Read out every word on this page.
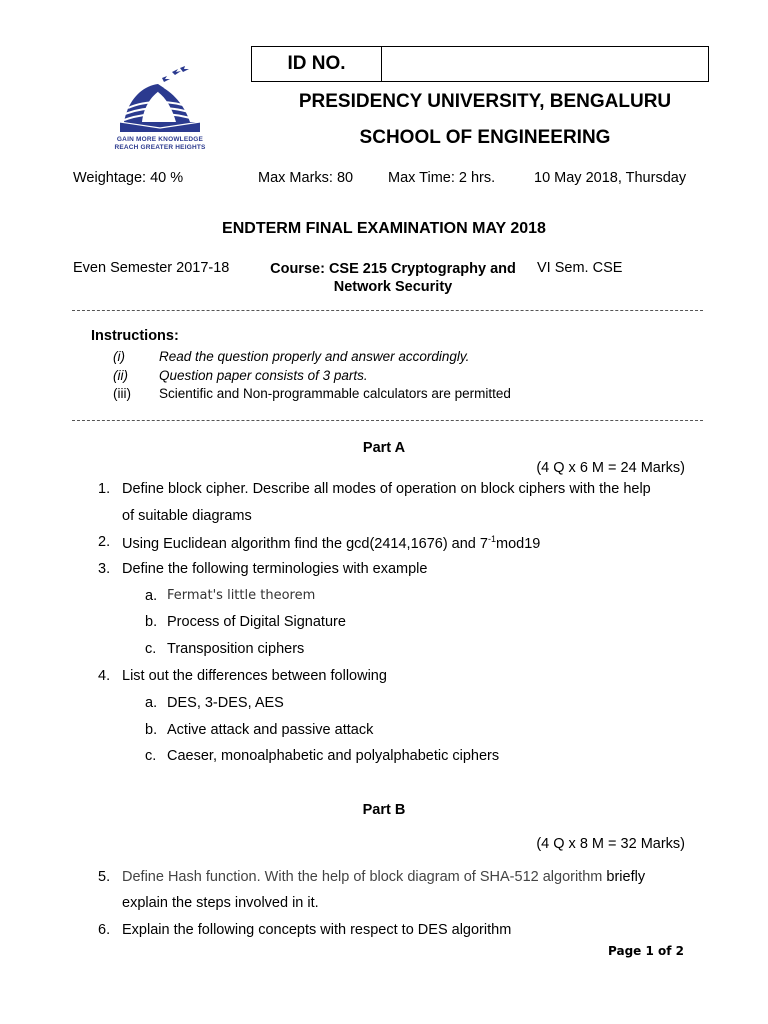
GAIN MORE KNOWLEDGE
REACH GREATER HEIGHTS
ID NO.
PRESIDENCY UNIVERSITY, BENGALURU
SCHOOL OF ENGINEERING
Weightage: 40 %	Max Marks: 80 Max Time: 2 hrs.	10 May 2018, Thursday
ENDTERM FINAL EXAMINATION MAY 2018
Even Semester 2017-18	Course: CSE 215 Cryptography and
Network Security
VI Sem. CSE
Instructions:
(i)	Read the question properly and answer accordingly.
(ii) Question paper consists of 3 parts.
(iii) Scientific and Non-programmable calculators are permitted
Part A
(4 Q x 6 M = 24 Marks)
1. Define block cipher. Describe all modes of operation on block ciphers with the help
of suitable diagrams
2. Using Euclidean algorithm find the gcd(2414,1676) and $7^{-1}mod19$
3. Define the following terminologies with example
a. Fermat's little theorem
b. Process of Digital Signature
c. Transposition ciphers
4. List out the differences between following
a. DES, 3-DES, AES
b. Active attack and passive attack
c. Caeser, monoalphabetic and polyalphabetic ciphers
Part B
(4 Q x 8 M = 32 Marks)
5. Define Hash function. With the help of block diagram of SHA-512 algorithm briefly
explain the steps involved in it.
6. Explain the following concepts with respect to DES algorithm
Page 1 of 2
